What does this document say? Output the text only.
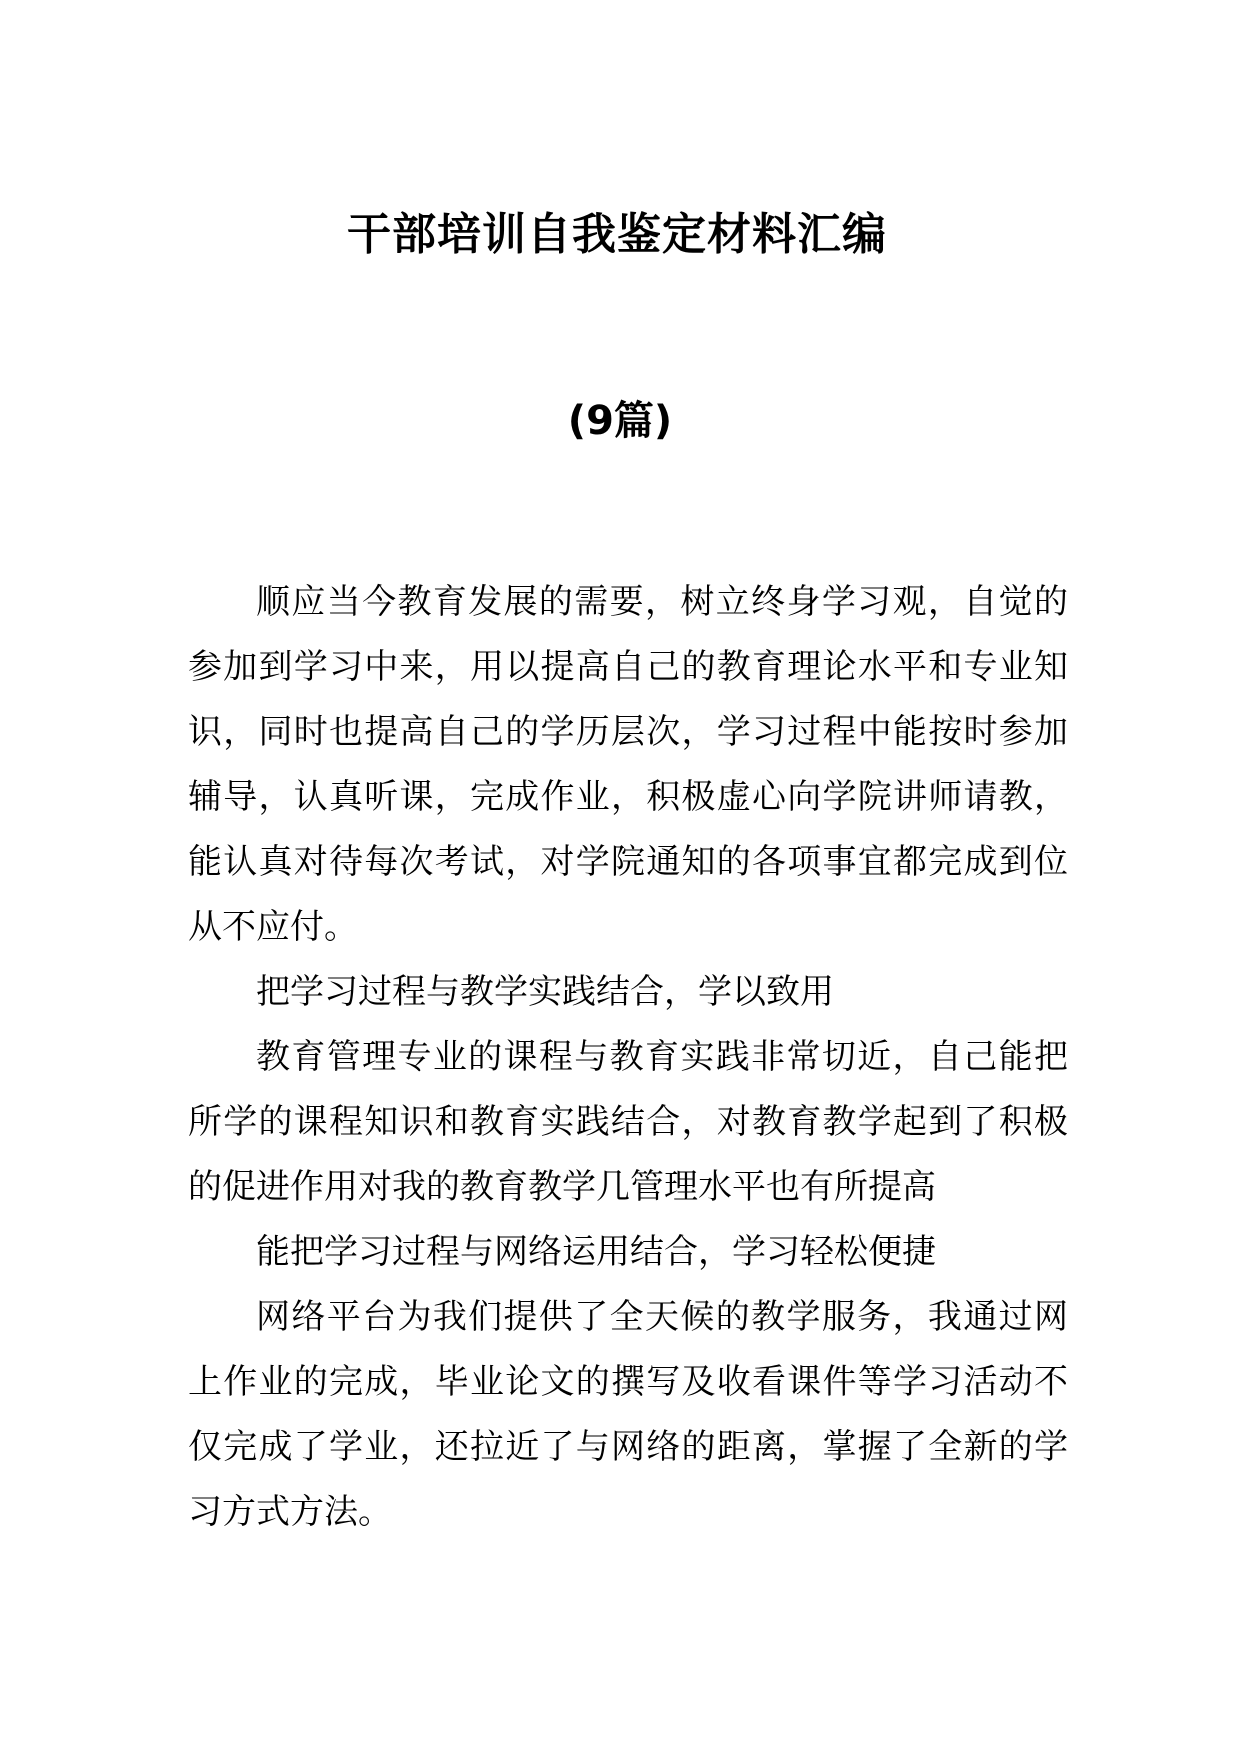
干部培训自我鉴定材料汇编
(9篇)

顺应当今教育发展的需要，树立终身学习观，自觉的参加到学习中来，用以提高自己的教育理论水平和专业知识，同时也提高自己的学历层次，学习过程中能按时参加辅导，认真听课，完成作业，积极虚心向学院讲师请教，能认真对待每次考试，对学院通知的各项事宜都完成到位从不应付。

把学习过程与教学实践结合，学以致用

教育管理专业的课程与教育实践非常切近，自己能把所学的课程知识和教育实践结合，对教育教学起到了积极的促进作用对我的教育教学几管理水平也有所提高

能把学习过程与网络运用结合，学习轻松便捷

网络平台为我们提供了全天候的教学服务，我通过网上作业的完成，毕业论文的撰写及收看课件等学习活动不仅完成了学业，还拉近了与网络的距离，掌握了全新的学习方式方法。
